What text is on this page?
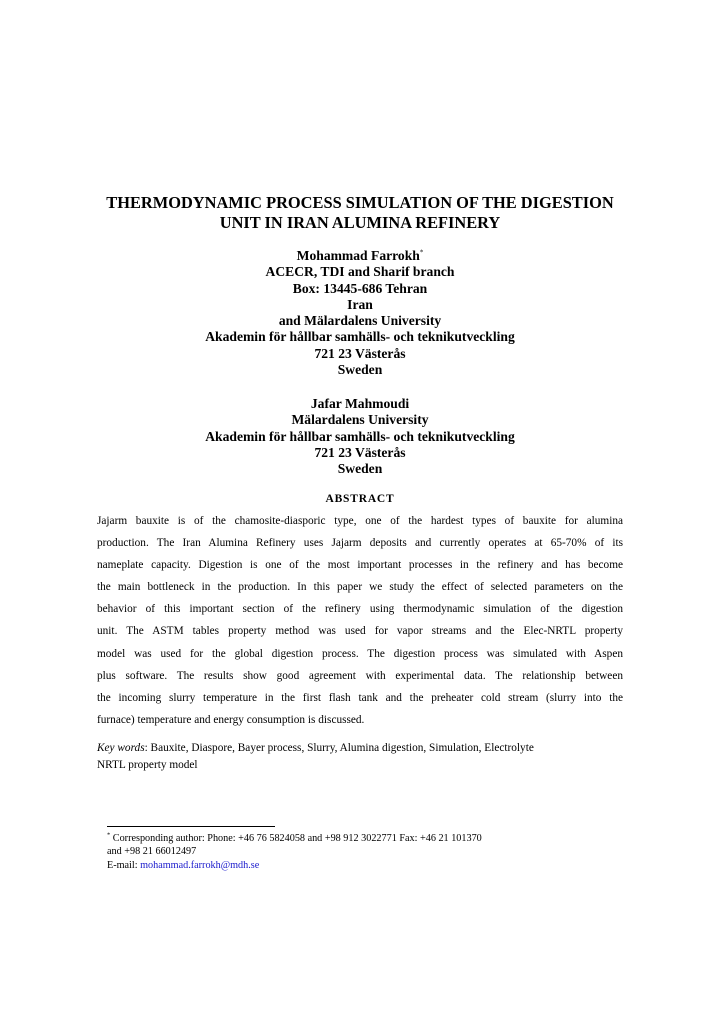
THERMODYNAMIC PROCESS SIMULATION OF THE DIGESTION
UNIT IN IRAN ALUMINA REFINERY
Mohammad Farrokh*
ACECR, TDI and Sharif branch
Box: 13445-686 Tehran
Iran
and Mälardalens University
Akademin för hållbar samhälls- och teknikutveckling
721 23 Västerås
Sweden
Jafar Mahmoudi
Mälardalens University
Akademin för hållbar samhälls- och teknikutveckling
721 23 Västerås
Sweden
ABSTRACT
Jajarm bauxite is of the chamosite-diasporic type, one of the hardest types of bauxite for alumina
production. The Iran Alumina Refinery uses Jajarm deposits and currently operates at 65-70% of its
nameplate capacity. Digestion is one of the most important processes in the refinery and has become
the main bottleneck in the production. In this paper we study the effect of selected parameters on the
behavior of this important section of the refinery using thermodynamic simulation of the digestion
unit. The ASTM tables property method was used for vapor streams and the Elec-NRTL property
model was used for the global digestion process. The digestion process was simulated with Aspen
plus software. The results show good agreement with experimental data. The relationship between
the incoming slurry temperature in the first flash tank and the preheater cold stream (slurry into the
furnace) temperature and energy consumption is discussed.
Key words: Bauxite, Diaspore, Bayer process, Slurry, Alumina digestion, Simulation, Electrolyte
NRTL property model
* Corresponding author: Phone: +46 76 5824058 and +98 912 3022771 Fax: +46 21 101370
and +98 21 66012497
E-mail: mohammad.farrokh@mdh.se
